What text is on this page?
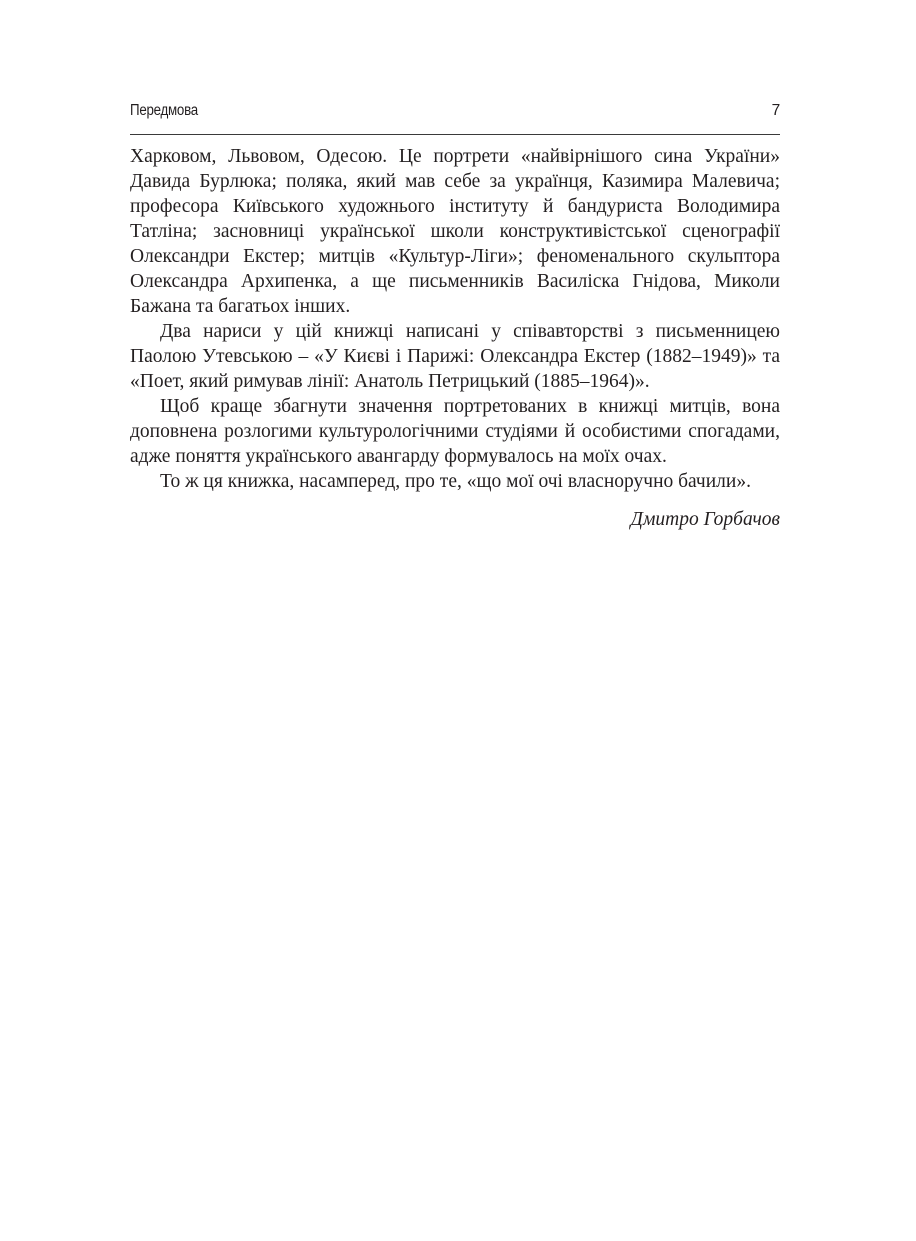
Передмова	7

Харковом, Львовом, Одесою. Це портрети «найвірнішого сина України» Давида Бурлюка; поляка, який мав себе за українця, Казимира Малевича; професора Київського художнього інституту й бандуриста Володимира Татліна; засновниці української школи конструктивістської сценографії Олександри Екстер; митців «Культур-Ліги»; феноменального скульптора Олександра Архипенка, а ще письменників Василіска Гнідова, Миколи Бажана та багатьох інших.

Два нариси у цій книжці написані у співавторстві з письменницею Паолою Утевською – «У Києві і Парижі: Олександра Екстер (1882–1949)» та «Поет, який римував лінії: Анатоль Петрицький (1885–1964)».

Щоб краще збагнути значення портретованих в книжці митців, вона доповнена розлогими культурологічними студіями й особистими спогадами, адже поняття українського авангарду формувалось на моїх очах.

То ж ця книжка, насамперед, про те, «що мої очі власноручно бачили».

Дмитро Горбачов
